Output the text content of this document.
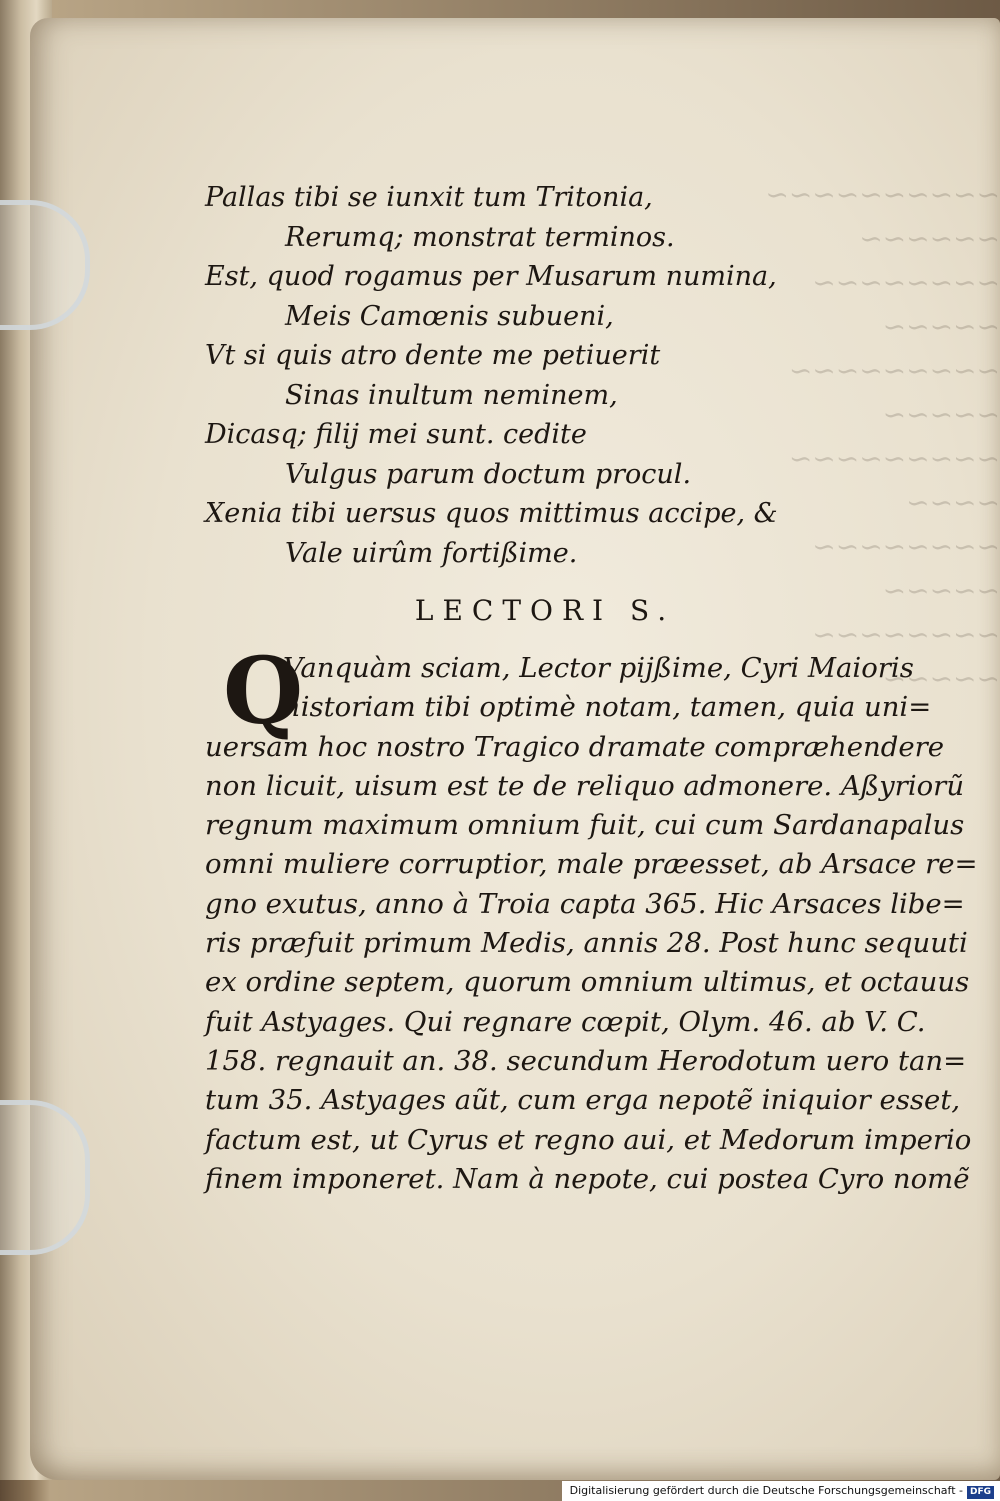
~~~~~~~~~~
~~~~~~
~~~~~~~~
~~~~~
~~~~~~~~~
~~~~~
~~~~~~~~~
~~~~
~~~~~~~~
~~~~~
~~~~~~~~
~~~~~
Pallas tibi se iunxit tum Tritonia,
Rerumq; monstrat terminos.
Est, quod rogamus per Musarum numina,
Meis Camœnis subueni,
Vt si quis atro dente me petiuerit
Sinas inultum neminem,
Dicasq; filij mei sunt. cedite
Vulgus parum doctum procul.
Xenia tibi uersus quos mittimus accipe, &
Vale uirûm fortißime.
LECTORI S.
Q
Vanquàm sciam, Lector pijßime, Cyri Maioris
historiam tibi optimè notam, tamen, quia uni=
uersam hoc nostro Tragico dramate compræhendere
non licuit, uisum est te de reliquo admonere. Aßyriorũ
regnum maximum omnium fuit, cui cum Sardanapalus
omni muliere corruptior, male præesset, ab Arsace re=
gno exutus, anno à Troia capta 365. Hic Arsaces libe=
ris præfuit primum Medis, annis 28. Post hunc sequuti
ex ordine septem, quorum omnium ultimus, et octauus
fuit Astyages. Qui regnare cœpit, Olym. 46. ab V. C.
158. regnauit an. 38. secundum Herodotum uero tan=
tum 35. Astyages aũt, cum erga nepotẽ iniquior esset,
factum est, ut Cyrus et regno aui, et Medorum imperio
finem imponeret. Nam à nepote, cui postea Cyro nomẽ
Digitalisierung gefördert durch die Deutsche Forschungsgemeinschaft - DFG
